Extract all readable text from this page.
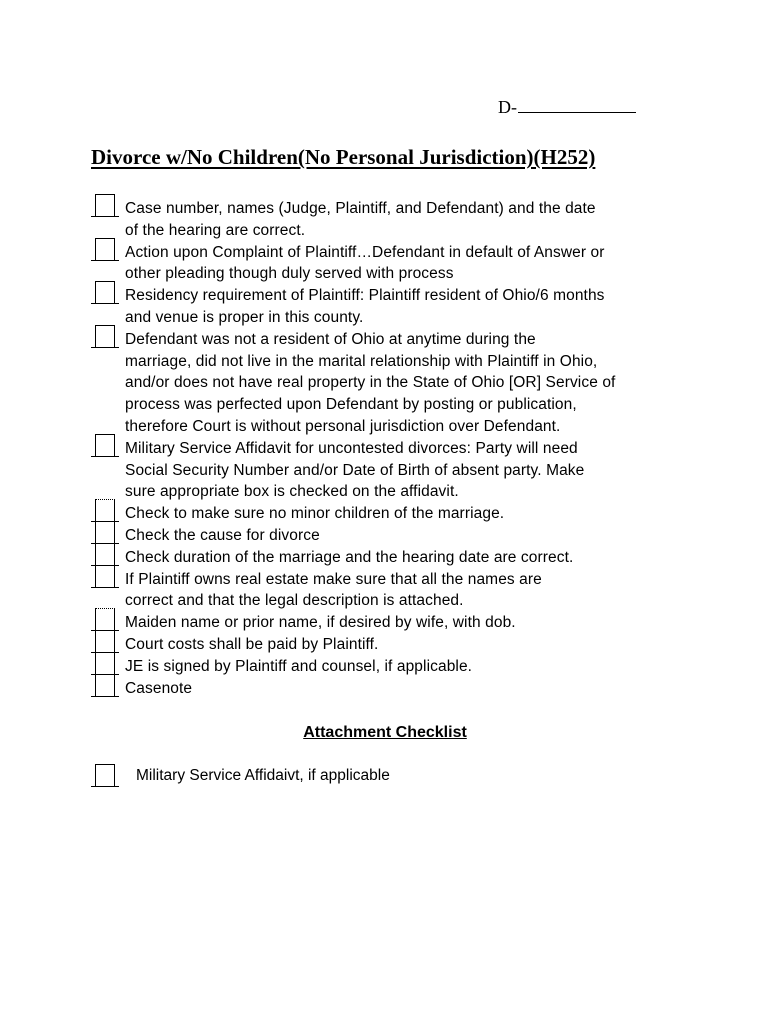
D-
Divorce w/No Children(No Personal Jurisdiction)(H252)
Case number, names (Judge, Plaintiff, and Defendant) and the date
of the hearing are correct.
Action upon Complaint of Plaintiff…Defendant in default of Answer or
other pleading though duly served with process
Residency requirement of Plaintiff: Plaintiff resident of Ohio/6 months
and venue is proper in this county.
Defendant was not a resident of Ohio at anytime during the
marriage, did not live in the marital relationship with Plaintiff in Ohio,
and/or does not have real property in the State of Ohio [OR] Service of
process was perfected upon Defendant by posting or publication,
therefore Court is without personal jurisdiction over Defendant.
Military Service Affidavit for uncontested divorces: Party will need
Social Security Number and/or Date of Birth of absent party. Make
sure appropriate box is checked on the affidavit.
Check to make sure no minor children of the marriage.
Check the cause for divorce
Check duration of the marriage and the hearing date are correct.
If Plaintiff owns real estate make sure that all the names are
correct and that the legal description is attached.
Maiden name or prior name, if desired by wife, with dob.
Court costs shall be paid by Plaintiff.
JE is signed by Plaintiff and counsel, if applicable.
Casenote
Attachment Checklist
Military Service Affidaivt, if applicable
